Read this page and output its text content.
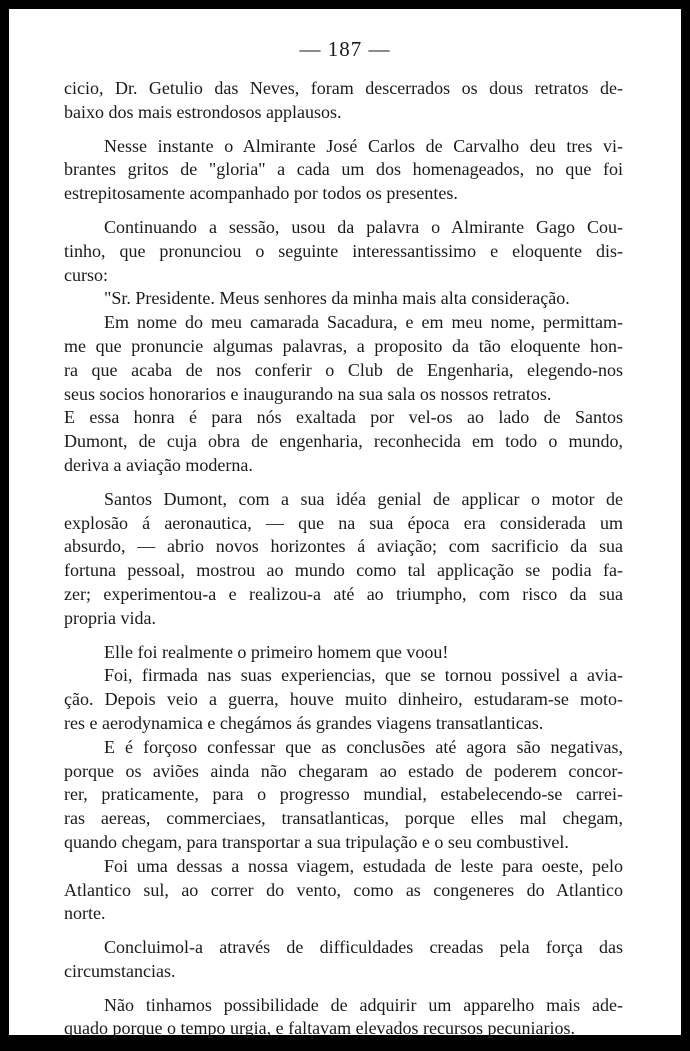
— 187 —

cicio, Dr. Getulio das Neves, foram descerrados os dous retratos de-
baixo dos mais estrondosos applausos.

Nesse instante o Almirante José Carlos de Carvalho deu tres vi-
brantes gritos de "gloria" a cada um dos homenageados, no que foi
estrepitosamente acompanhado por todos os presentes.

Continuando a sessão, usou da palavra o Almirante Gago Cou-
tinho, que pronunciou o seguinte interessantissimo e eloquente dis-
curso:

"Sr. Presidente. Meus senhores da minha mais alta consideração.

Em nome do meu camarada Sacadura, e em meu nome, permittam-
me que pronuncie algumas palavras, a proposito da tão eloquente hon-
ra que acaba de nos conferir o Club de Engenharia, elegendo-nos
seus socios honorarios e inaugurando na sua sala os nossos retratos.

E essa honra é para nós exaltada por vel-os ao lado de Santos
Dumont, de cuja obra de engenharia, reconhecida em todo o mundo,
deriva a aviação moderna.

Santos Dumont, com a sua idéa genial de applicar o motor de
explosão á aeronautica, — que na sua época era considerada um
absurdo, — abrio novos horizontes á aviação; com sacrificio da sua
fortuna pessoal, mostrou ao mundo como tal applicação se podia fa-
zer; experimentou-a e realizou-a até ao triumpho, com risco da sua
propria vida.

Elle foi realmente o primeiro homem que voou!

Foi, firmada nas suas experiencias, que se tornou possivel a avia-
ção. Depois veio a guerra, houve muito dinheiro, estudaram-se moto-
res e aerodynamica e chegámos ás grandes viagens transatlanticas.

E é forçoso confessar que as conclusões até agora são negativas,
porque os aviões ainda não chegaram ao estado de poderem concor-
rer, praticamente, para o progresso mundial, estabelecendo-se carrei-
ras aereas, commerciaes, transatlanticas, porque elles mal chegam,
quando chegam, para transportar a sua tripulação e o seu combustivel.

Foi uma dessas a nossa viagem, estudada de leste para oeste, pelo
Atlantico sul, ao correr do vento, como as congeneres do Atlantico
norte.

Concluimol-a através de difficuldades creadas pela força das
circumstancias.

Não tinhamos possibilidade de adquirir um apparelho mais ade-
quado porque o tempo urgia, e faltavam elevados recursos pecuniarios.
